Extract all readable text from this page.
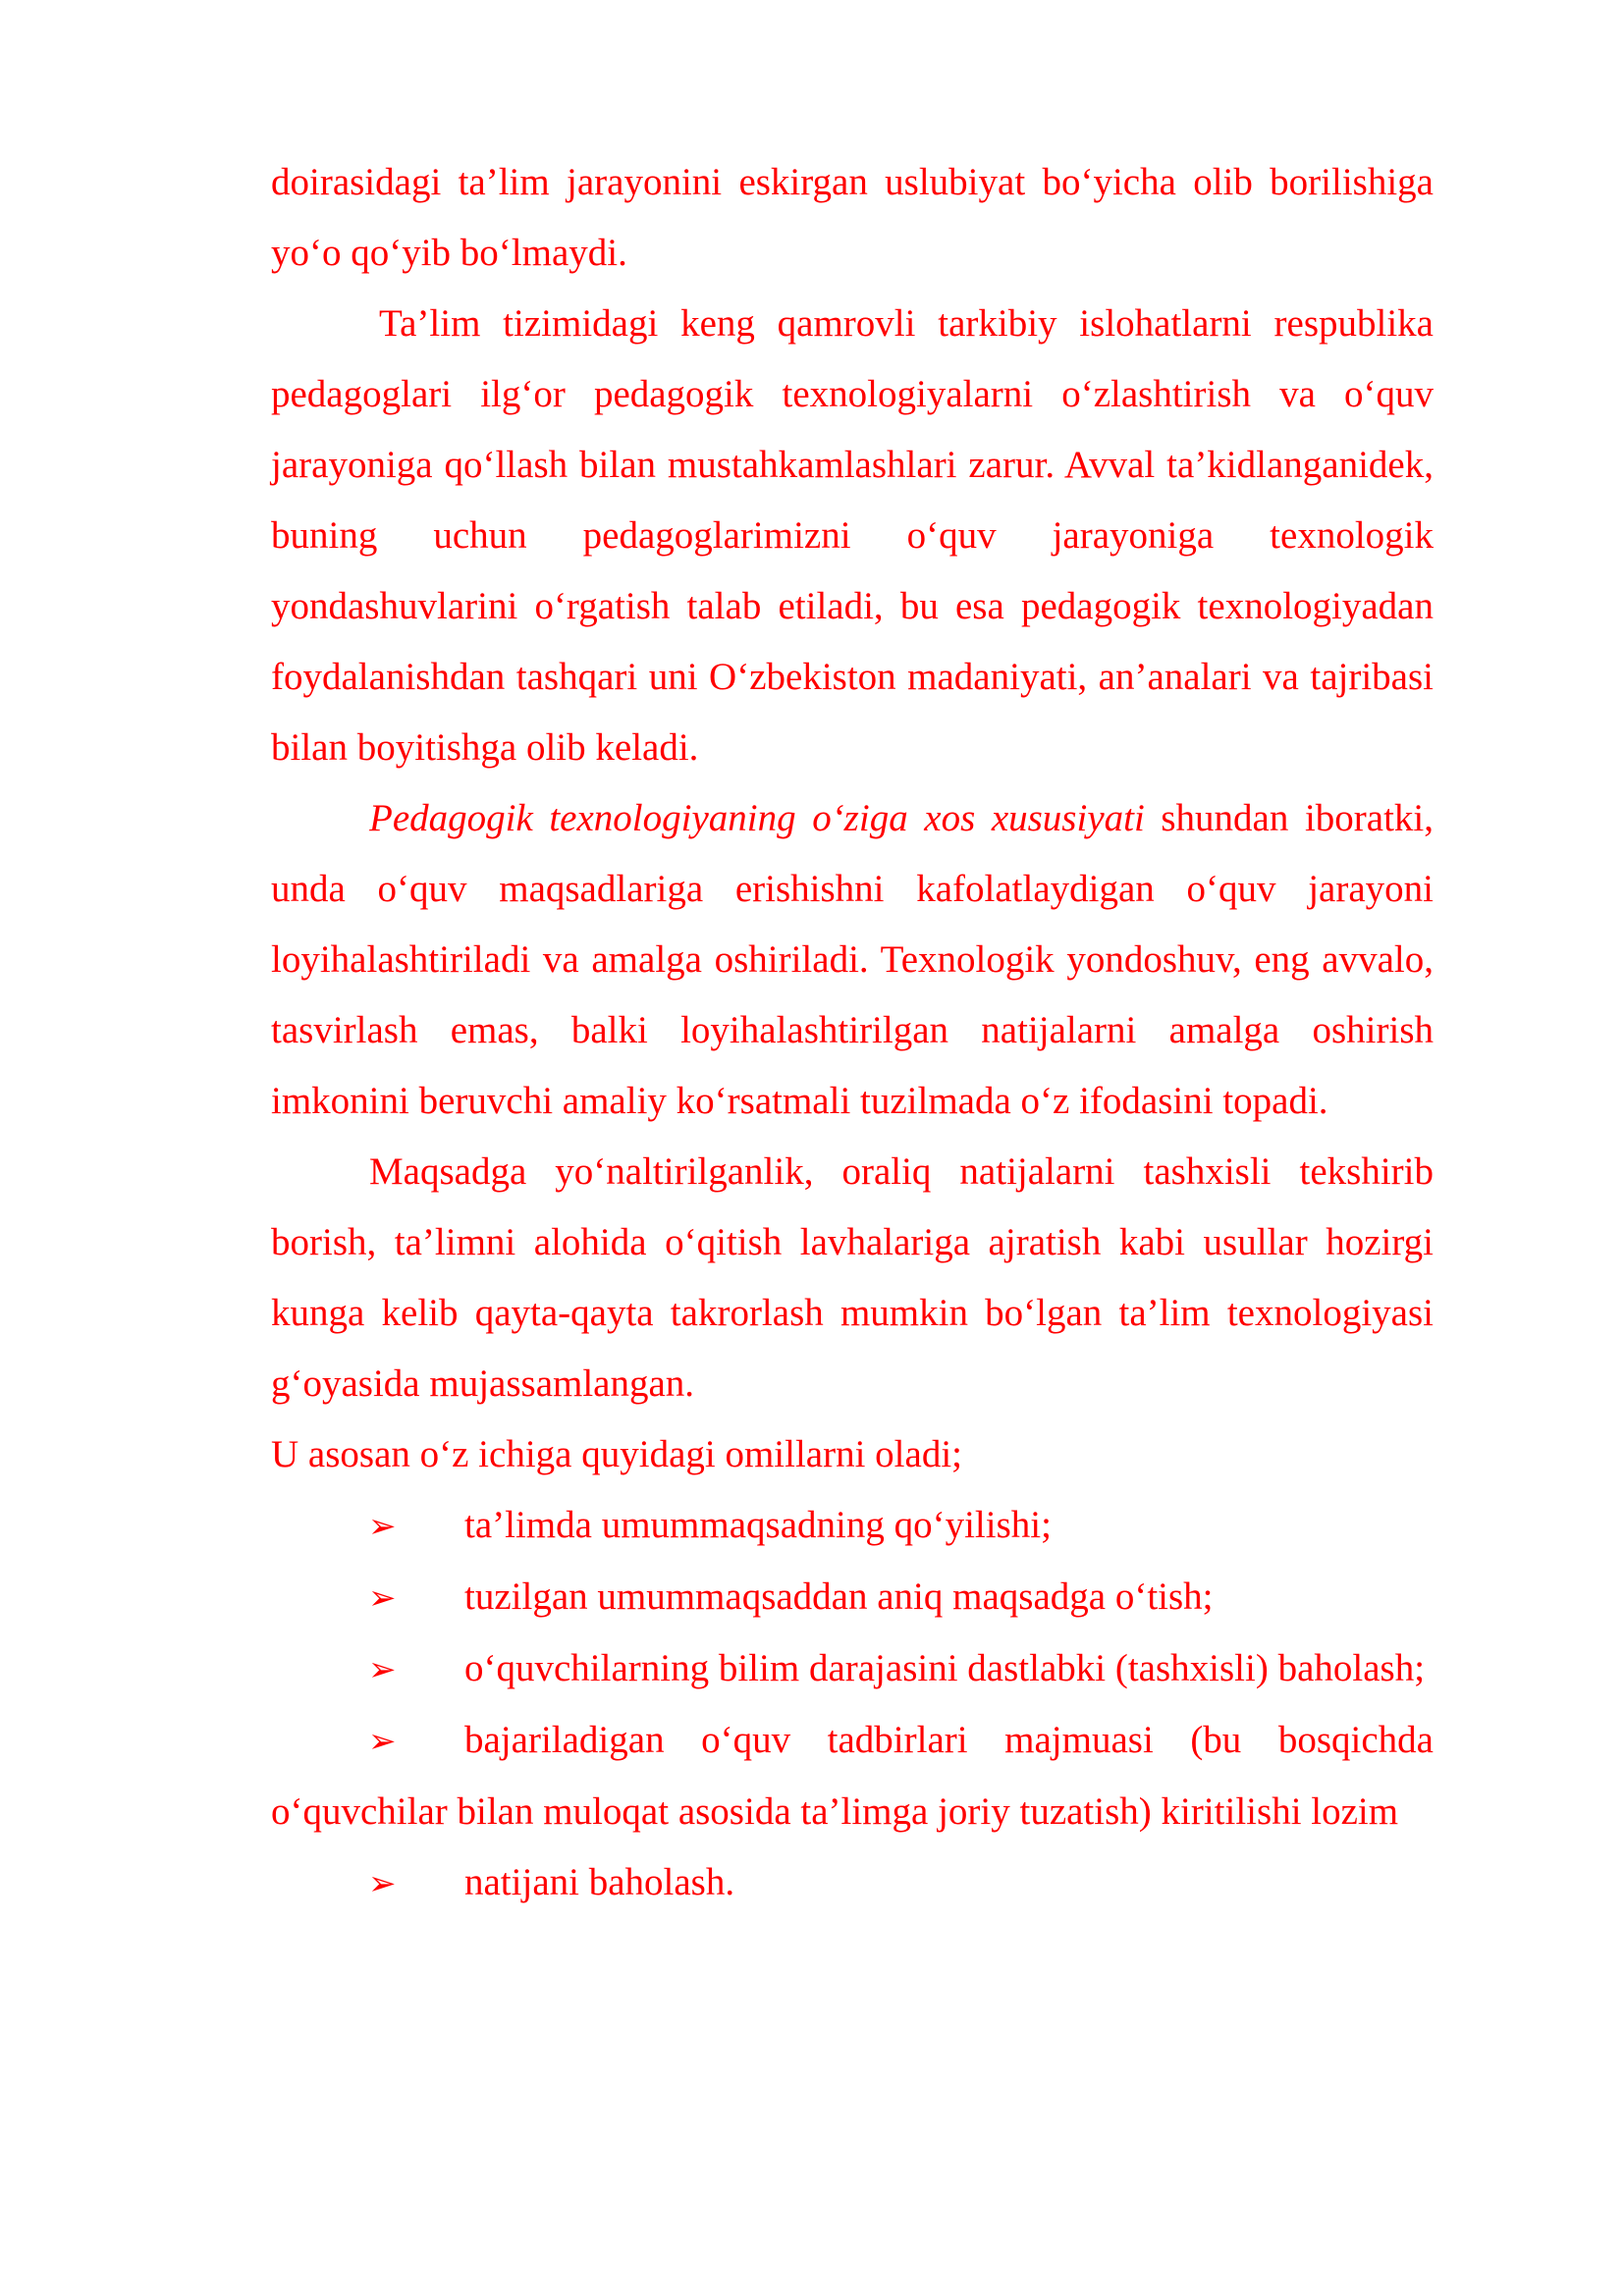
doirasidagi ta’lim jarayonini eskirgan uslubiyat bo‘yicha olib borilishiga yo‘o qo‘yib bo‘lmaydi.

Ta’lim tizimidagi keng qamrovli tarkibiy islohatlarni respublika pedagoglari ilg‘or pedagogik texnologiyalarni o‘zlashtirish va o‘quv jarayoniga qo‘llash bilan mustahkamlashlari zarur. Avval ta’kidlanganidek, buning uchun pedagoglarimizni o‘quv jarayoniga texnologik yondashuvlarini o‘rgatish talab etiladi, bu esa pedagogik texnologiyadan foydalanishdan tashqari uni O‘zbekiston madaniyati, an’analari va tajribasi bilan boyitishga olib keladi.

Pedagogik texnologiyaning o‘ziga xos xususiyati shundan iboratki, unda o‘quv maqsadlariga erishishni kafolatlaydigan o‘quv jarayoni loyihalashtiriladi va amalga oshiriladi. Texnologik yondoshuv, eng avvalo, tasvirlash emas, balki loyihalashtirilgan natijalarni amalga oshirish imkonini beruvchi amaliy ko‘rsatmali tuzilmada o‘z ifodasini topadi.

Maqsadga yo‘naltirilganlik, oraliq natijalarni tashxisli tekshirib borish, ta’limni alohida o‘qitish lavhalariga ajratish kabi usullar hozirgi kunga kelib qayta-qayta takrorlash mumkin bo‘lgan ta’lim texnologiyasi g‘oyasida mujassamlangan.

U asosan o‘z ichiga quyidagi omillarni oladi;

➢ ta’limda umummaqsadning qo‘yilishi;

➢ tuzilgan umummaqsaddan aniq maqsadga o‘tish;

➢ o‘quvchilarning bilim darajasini dastlabki (tashxisli) baholash;

➢ bajariladigan o‘quv tadbirlari majmuasi (bu bosqichda o‘quvchilar bilan muloqat asosida ta’limga joriy tuzatish) kiritilishi lozim

➢ natijani baholash.
